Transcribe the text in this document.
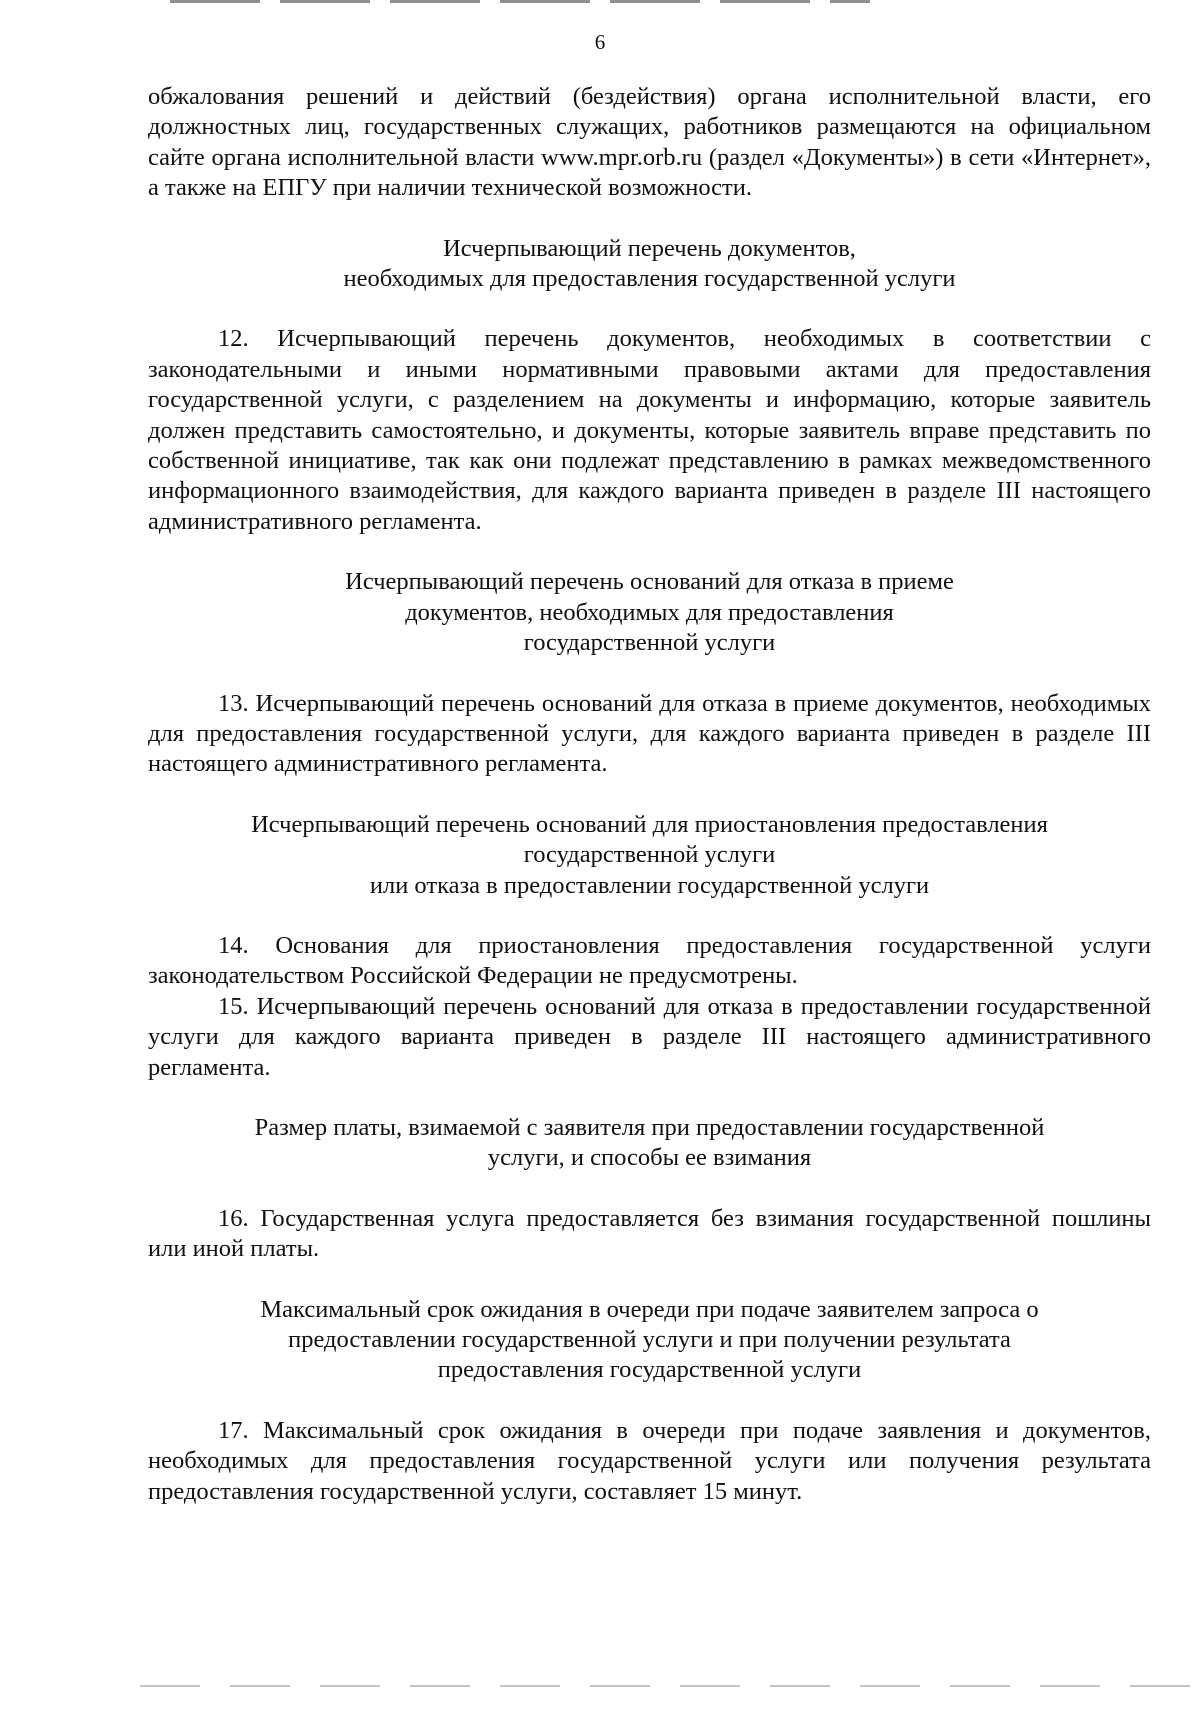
6

обжалования решений и действий (бездействия) органа исполнительной власти, его должностных лиц, государственных служащих, работников размещаются на официальном сайте органа исполнительной власти www.mpr.orb.ru (раздел «Документы») в сети «Интернет», а также на ЕПГУ при наличии технической возможности.

Исчерпывающий перечень документов,
необходимых для предоставления государственной услуги

12. Исчерпывающий перечень документов, необходимых в соответствии с законодательными и иными нормативными правовыми актами для предоставления государственной услуги, с разделением на документы и информацию, которые заявитель должен представить самостоятельно, и документы, которые заявитель вправе представить по собственной инициативе, так как они подлежат представлению в рамках межведомственного информационного взаимодействия, для каждого варианта приведен в разделе III настоящего административного регламента.

Исчерпывающий перечень оснований для отказа в приеме
документов, необходимых для предоставления
государственной услуги

13. Исчерпывающий перечень оснований для отказа в приеме документов, необходимых для предоставления государственной услуги, для каждого варианта приведен в разделе III настоящего административного регламента.

Исчерпывающий перечень оснований для приостановления предоставления
государственной услуги
или отказа в предоставлении государственной услуги

14. Основания для приостановления предоставления государственной услуги законодательством Российской Федерации не предусмотрены.

15. Исчерпывающий перечень оснований для отказа в предоставлении государственной услуги для каждого варианта приведен в разделе III настоящего административного регламента.

Размер платы, взимаемой с заявителя при предоставлении государственной
услуги, и способы ее взимания

16. Государственная услуга предоставляется без взимания государственной пошлины или иной платы.

Максимальный срок ожидания в очереди при подаче заявителем запроса о
предоставлении государственной услуги и при получении результата
предоставления государственной услуги

17. Максимальный срок ожидания в очереди при подаче заявления и документов, необходимых для предоставления государственной услуги или получения результата предоставления государственной услуги, составляет 15 минут.
